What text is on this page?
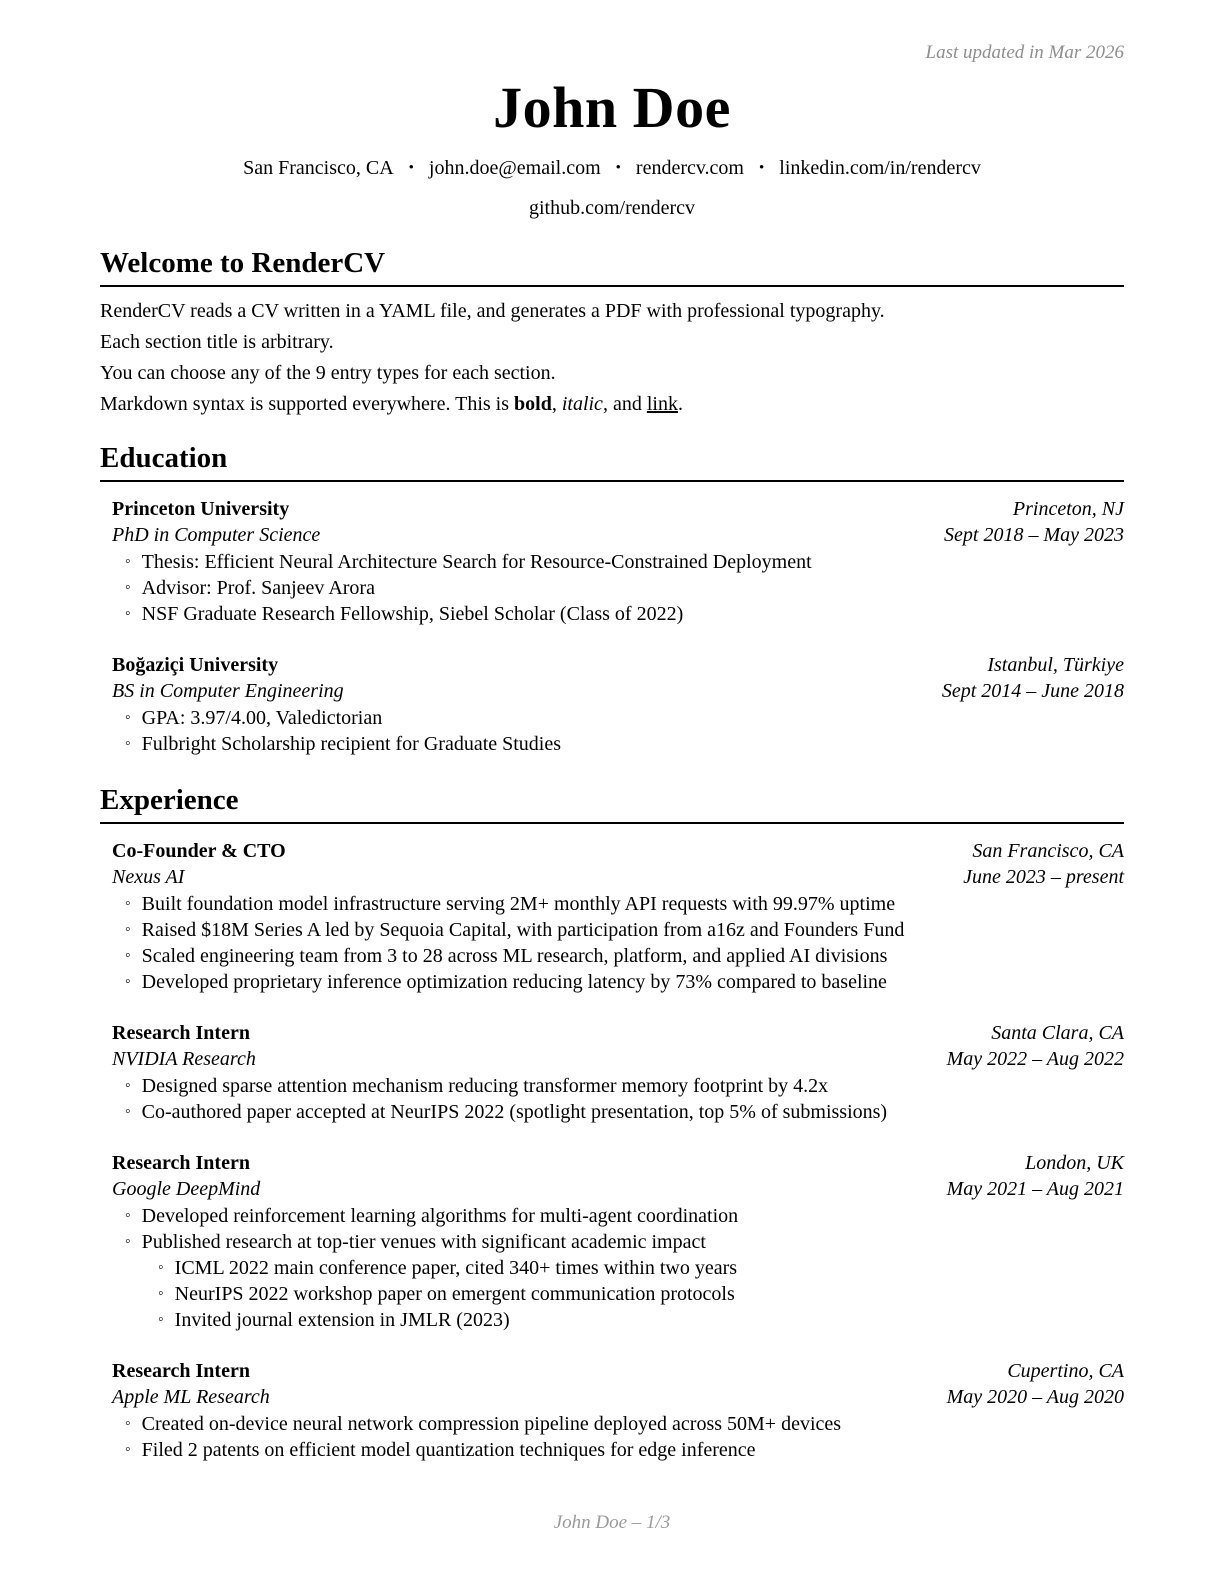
Last updated in Mar 2026
John Doe
San Francisco, CA • john.doe@email.com • rendercv.com • linkedin.com/in/rendercv
github.com/rendercv
Welcome to RenderCV

RenderCV reads a CV written in a YAML file, and generates a PDF with professional typography.

Each section title is arbitrary.

You can choose any of the 9 entry types for each section.

Markdown syntax is supported everywhere. This is bold, italic, and link.

Education
Princeton University	Princeton, NJ
PhD in Computer Science	Sept 2018 – May 2023
◦ Thesis: Efficient Neural Architecture Search for Resource-Constrained Deployment
◦ Advisor: Prof. Sanjeev Arora
◦ NSF Graduate Research Fellowship, Siebel Scholar (Class of 2022)
Boğaziçi University	Istanbul, Türkiye
BS in Computer Engineering	Sept 2014 – June 2018
◦ GPA: 3.97/4.00, Valedictorian
◦ Fulbright Scholarship recipient for Graduate Studies
Experience
Co-Founder & CTO	San Francisco, CA
Nexus AI	June 2023 – present
◦ Built foundation model infrastructure serving 2M+ monthly API requests with 99.97% uptime
◦ Raised $18M Series A led by Sequoia Capital, with participation from a16z and Founders Fund
◦ Scaled engineering team from 3 to 28 across ML research, platform, and applied AI divisions
◦ Developed proprietary inference optimization reducing latency by 73% compared to baseline
Research Intern	Santa Clara, CA
NVIDIA Research	May 2022 – Aug 2022
◦ Designed sparse attention mechanism reducing transformer memory footprint by 4.2x
◦ Co-authored paper accepted at NeurIPS 2022 (spotlight presentation, top 5% of submissions)
Research Intern	London, UK
Google DeepMind	May 2021 – Aug 2021
◦ Developed reinforcement learning algorithms for multi-agent coordination
◦ Published research at top-tier venues with significant academic impact
◦ ICML 2022 main conference paper, cited 340+ times within two years
◦ NeurIPS 2022 workshop paper on emergent communication protocols
◦ Invited journal extension in JMLR (2023)
Research Intern	Cupertino, CA
Apple ML Research	May 2020 – Aug 2020
◦ Created on-device neural network compression pipeline deployed across 50M+ devices
◦ Filed 2 patents on efficient model quantization techniques for edge inference
John Doe – 1/3
